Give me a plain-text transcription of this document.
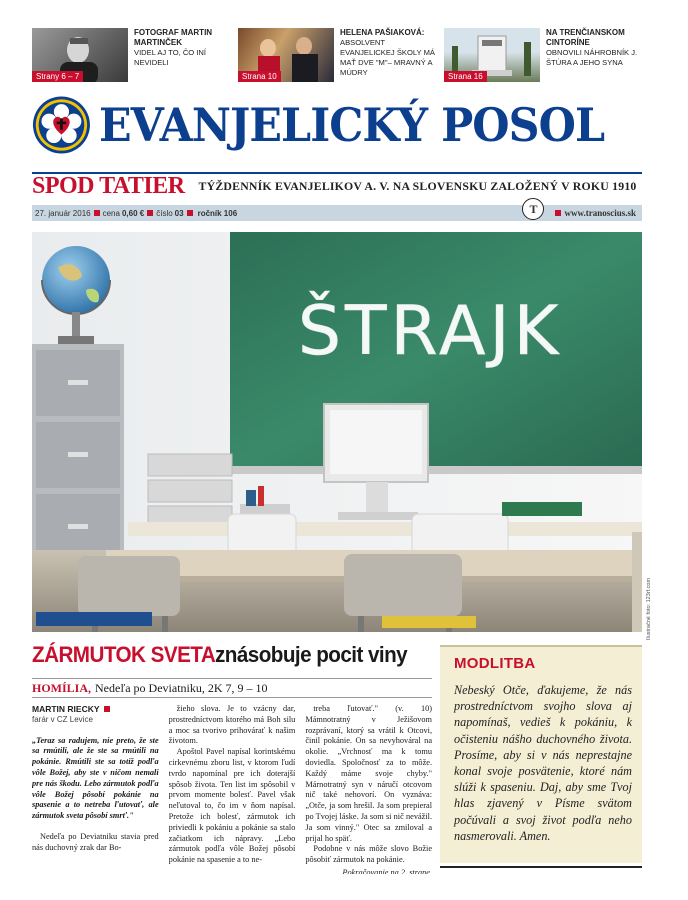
Strany 6 – 7
FOTOGRAF MARTIN MARTINČEK
VIDEL AJ TO, ČO INÍ NEVIDELI
Strana 10
HELENA PAŠIAKOVÁ:
ABSOLVENT EVANJELICKEJ ŠKOLY MÁ MAŤ DVE "M"– MRAVNÝ A MÚDRY	Strana 16
NA TRENČIANSKOM CINTORÍNE
OBNOVILI NÁHROBNÍK J. ŠTÚRA A JEHO SYNA
EVANJELICKÝ POSOL
SPOD TATIER TÝŽDENNÍK EVANJELIKOV A. V. NA SLOVENSKU ZALOŽENÝ V ROKU 1910
27. január 2016 cena 0,60 € číslo 03 ročník 106	T	www.tranoscius.sk
ŠTRAJK
Ilustračné foto: 123rf.com
ZÁRMUTOK SVETA znásobuje pocit viny
HOMÍLIA, Nedeľa po Deviatniku, 2K 7, 9 – 10

MARTIN RIECKY

farár v CZ Levice

„Teraz sa radujem, nie preto, že ste sa rmútili, ale že ste sa rmútili na pokánie. Rmútili ste sa totiž podľa vôle Božej, aby ste v ničom nemali pre nás škodu. Lebo zármutok podľa vôle Božej pôsobí pokánie na spasenie a to netreba ľutovať, ale zármutok sveta pôsobí smrť."

Nedeľa po Deviatniku stavia pred nás duchovný zrak dar Bo-

žieho slova. Je to vzácny dar, prostredníctvom ktorého má Boh silu a moc sa tvorivo prihovárať k našim životom.

Apoštol Pavel napísal korintskému cirkevnému zboru list, v ktorom ľudí tvrdo napomínal pre ich doterajší spôsob života. Ten list im spôsobil v prvom momente bolesť. Pavel však neľutoval to, čo im v ňom napísal. Pretože ich bolesť, zármutok ich priviedli k pokániu a pokánie sa stalo začiatkom ich nápravy. „Lebo zármutok podľa vôle Božej pôsobí pokánie na spasenie a to ne-

treba ľutovať." (v. 10) Mámnotratný v Ježišovom rozprávaní, ktorý sa vrátil k Otcovi, činil pokánie. On sa nevyhováral na okolie. „Vrchnosť ma k tomu doviedla. Spoločnosť za to môže. Každý máme svoje chyby." Márnotratný syn v náručí otcovom nič také nehovorí. On vyznáva: „Otče, ja som hrešil. Ja som prepieral po Tvojej láske. Ja som si nič nevážil. Ja som vinný." Otec sa zmiloval a prijal ho späť.

Podobne v nás môže slovo Božie pôsobiť zármutok na pokánie.

Pokračovanie na 2. strane.

MODLITBA

Nebeský Otče, ďakujeme, že nás prostredníctvom svojho slova aj napomínaš, vedieš k pokániu, k očisteniu nášho duchovného života. Prosíme, aby si v nás neprestajne konal svoje posvätenie, ktoré nám slúži k spaseniu. Daj, aby sme Tvoj hlas zjavený v Písme svätom počúvali a svoj život podľa neho nasmerovali. Amen.
